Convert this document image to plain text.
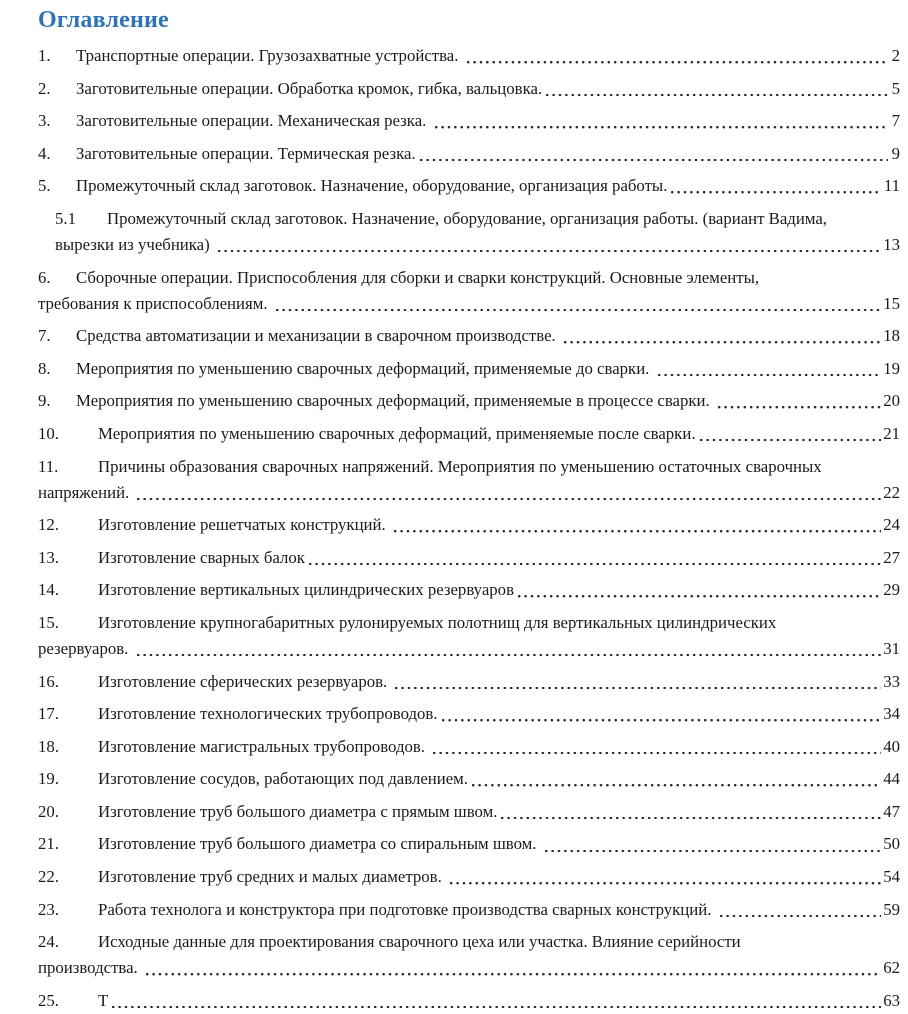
Оглавление
1.	Транспортные операции. Грузозахватные устройства.	2
2.	Заготовительные операции. Обработка кромок, гибка, вальцовка.	5
3.	Заготовительные операции. Механическая резка.	7
4.	Заготовительные операции. Термическая резка.	9
5.	Промежуточный склад заготовок. Назначение, оборудование, организация работы.	11
5.1	Промежуточный склад заготовок. Назначение, оборудование, организация работы. (вариант Вадима,
вырезки из учебника)	13
6.	Сборочные операции. Приспособления для сборки и сварки конструкций. Основные элементы,
требования к приспособлениям.	15
7.	Средства автоматизации и механизации в сварочном производстве.	18
8.	Мероприятия по уменьшению сварочных деформаций, применяемые до сварки.	19
9.	Мероприятия по уменьшению сварочных деформаций, применяемые в процессе сварки.	20
10.	Мероприятия по уменьшению сварочных деформаций, применяемые после сварки.	21
11.	Причины образования сварочных напряжений. Мероприятия по уменьшению остаточных сварочных
напряжений.	22
12.	Изготовление решетчатых конструкций.	24
13.	Изготовление сварных балок	27
14.	Изготовление вертикальных цилиндрических резервуаров	29
15.	Изготовление крупногабаритных рулонируемых полотнищ для вертикальных цилиндрических
резервуаров.	31
16.	Изготовление сферических резервуаров.	33
17.	Изготовление технологических трубопроводов.	34
18.	Изготовление магистральных трубопроводов.	40
19.	Изготовление сосудов, работающих под давлением.	44
20.	Изготовление труб большого диаметра с прямым швом.	47
21.	Изготовление труб большого диаметра со спиральным швом.	50
22.	Изготовление труб средних и малых диаметров.	54
23.	Работа технолога и конструктора при подготовке производства сварных конструкций.	59
24.	Исходные данные для проектирования сварочного цеха или участка. Влияние серийности
производства.	62
25.	Т	63
